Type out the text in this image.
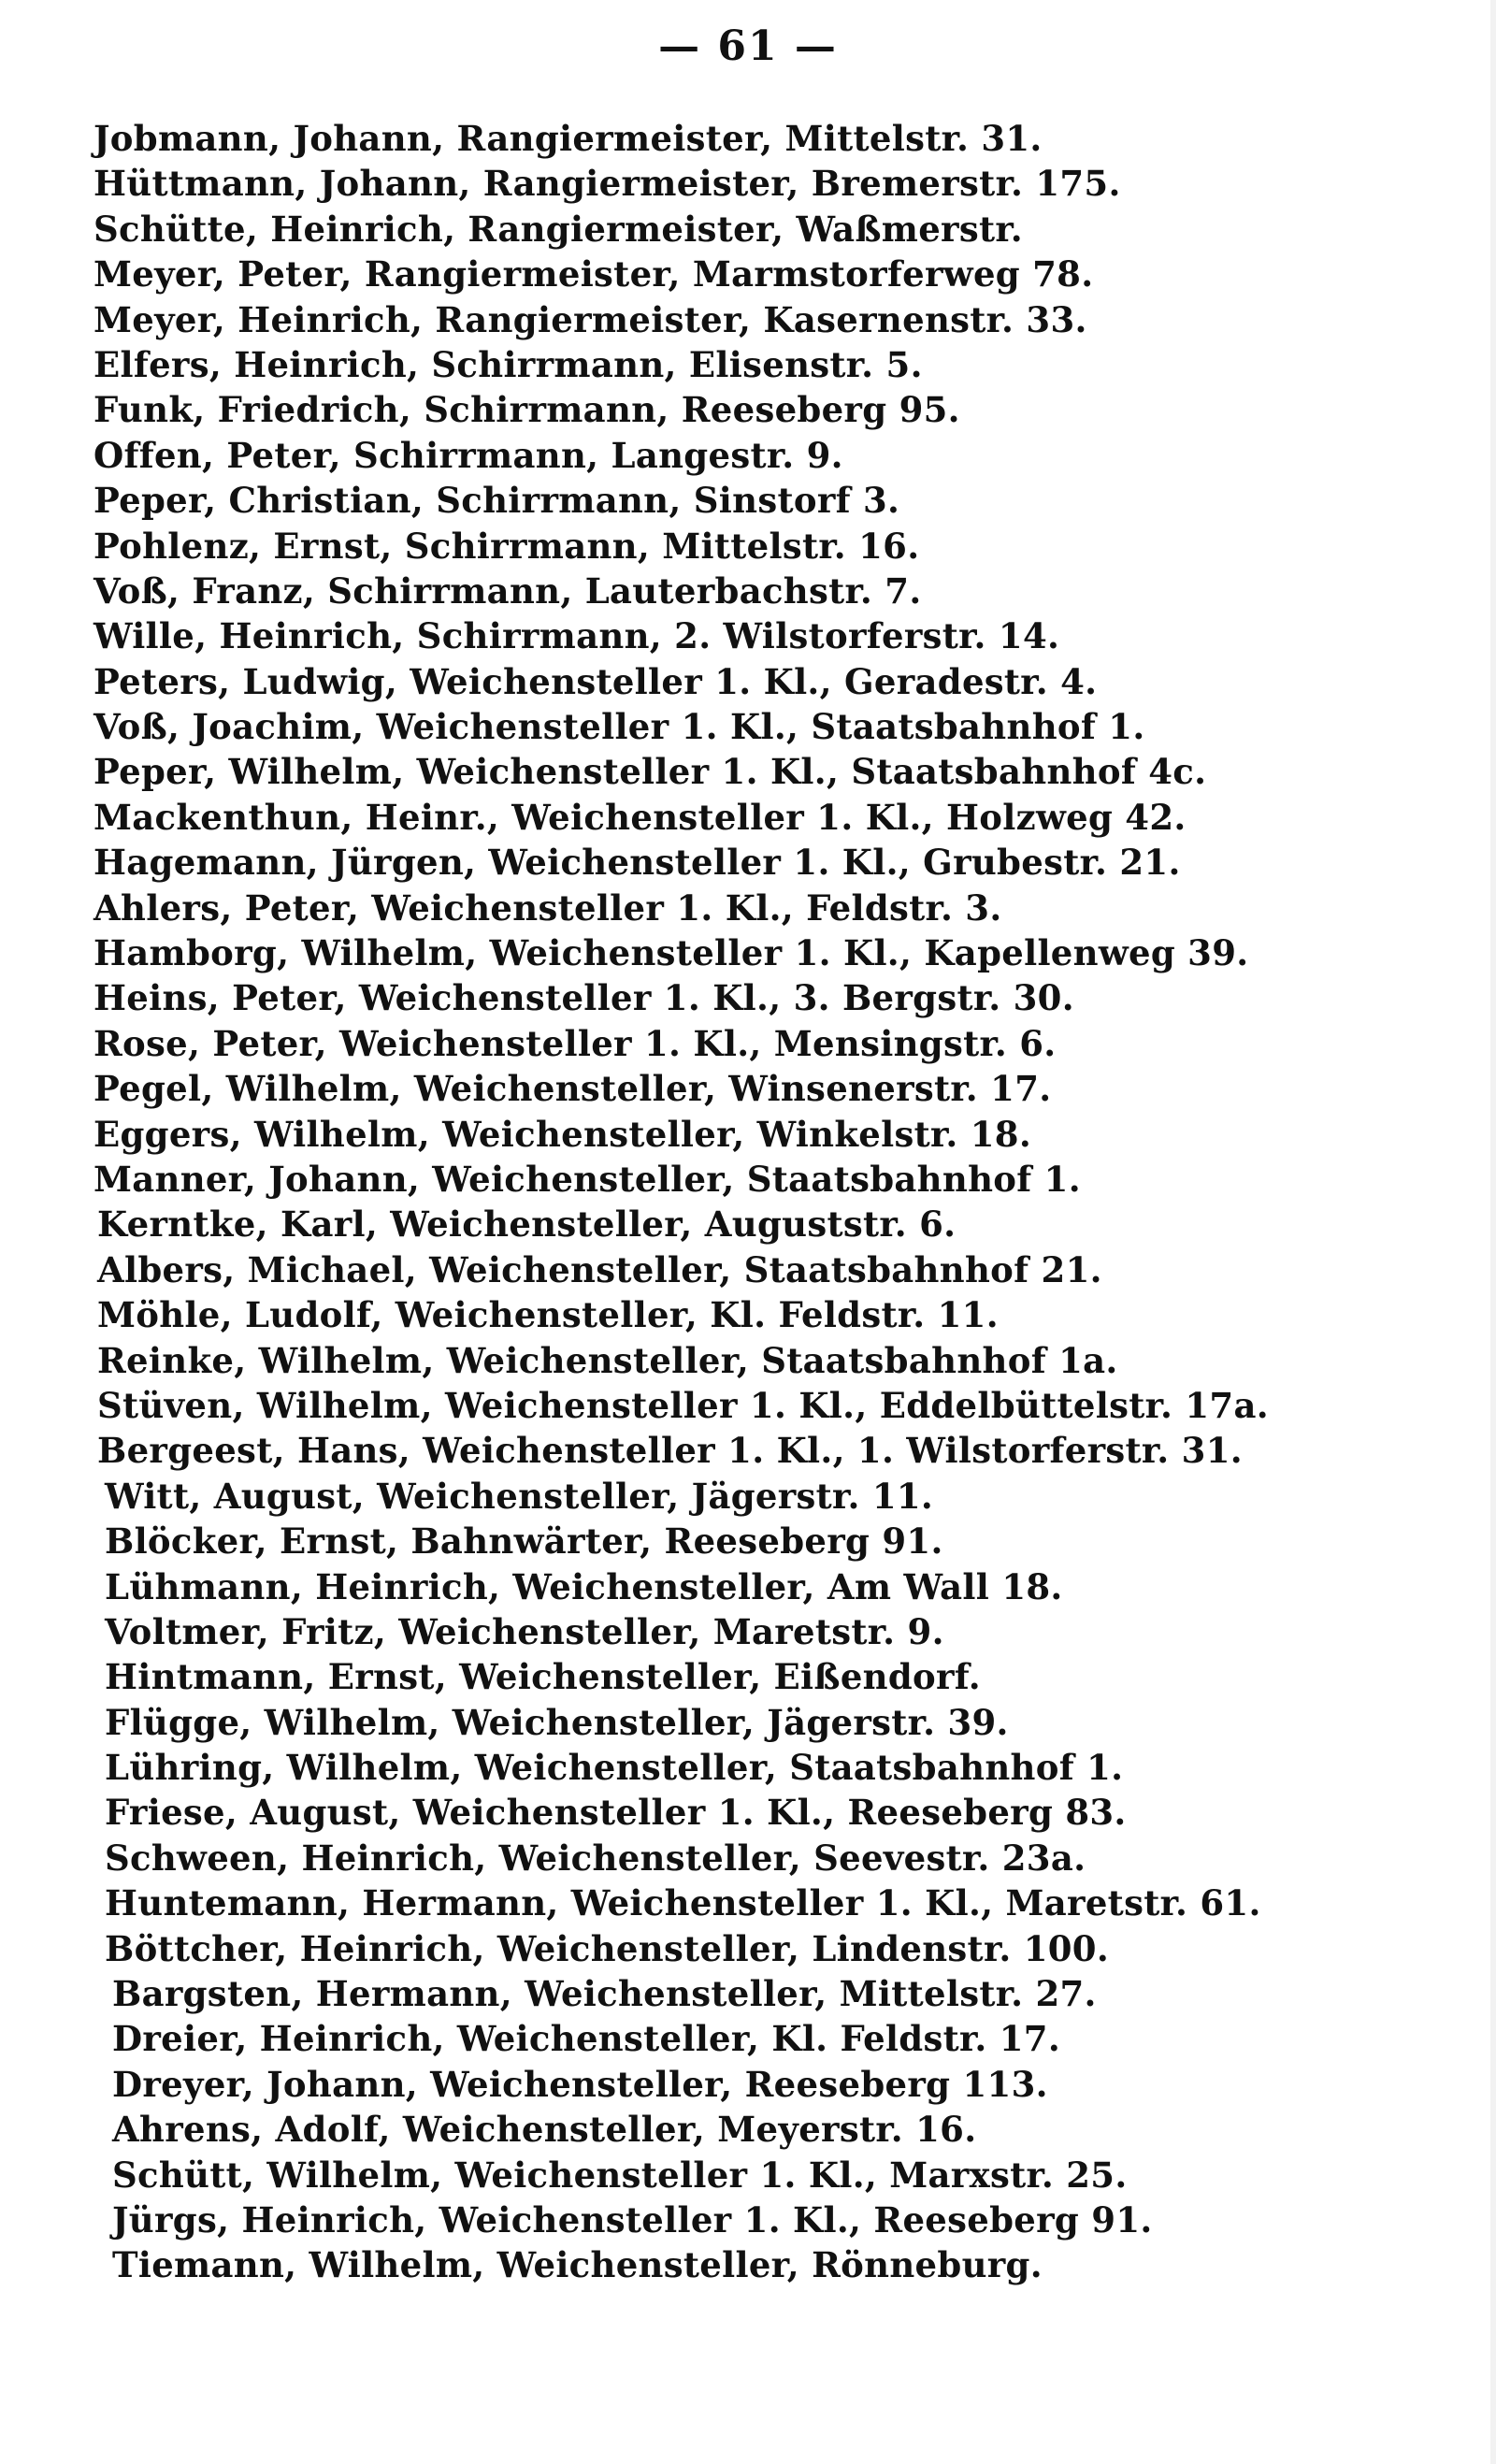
— 61 —
Jobmann, Johann, Rangiermeister, Mittelstr. 31.
Hüttmann, Johann, Rangiermeister, Bremerstr. 175.
Schütte, Heinrich, Rangiermeister, Waßmerstr.
Meyer, Peter, Rangiermeister, Marmstorferweg 78.
Meyer, Heinrich, Rangiermeister, Kasernenstr. 33.
Elfers, Heinrich, Schirrmann, Elisenstr. 5.
Funk, Friedrich, Schirrmann, Reeseberg 95.
Offen, Peter, Schirrmann, Langestr. 9.
Peper, Christian, Schirrmann, Sinstorf 3.
Pohlenz, Ernst, Schirrmann, Mittelstr. 16.
Voß, Franz, Schirrmann, Lauterbachstr. 7.
Wille, Heinrich, Schirrmann, 2. Wilstorferstr. 14.
Peters, Ludwig, Weichensteller 1. Kl., Geradestr. 4.
Voß, Joachim, Weichensteller 1. Kl., Staatsbahnhof 1.
Peper, Wilhelm, Weichensteller 1. Kl., Staatsbahnhof 4c.
Mackenthun, Heinr., Weichensteller 1. Kl., Holzweg 42.
Hagemann, Jürgen, Weichensteller 1. Kl., Grubestr. 21.
Ahlers, Peter, Weichensteller 1. Kl., Feldstr. 3.
Hamborg, Wilhelm, Weichensteller 1. Kl., Kapellenweg 39.
Heins, Peter, Weichensteller 1. Kl., 3. Bergstr. 30.
Rose, Peter, Weichensteller 1. Kl., Mensingstr. 6.
Pegel, Wilhelm, Weichensteller, Winsenerstr. 17.
Eggers, Wilhelm, Weichensteller, Winkelstr. 18.
Manner, Johann, Weichensteller, Staatsbahnhof 1.
Kerntke, Karl, Weichensteller, Auguststr. 6.
Albers, Michael, Weichensteller, Staatsbahnhof 21.
Möhle, Ludolf, Weichensteller, Kl. Feldstr. 11.
Reinke, Wilhelm, Weichensteller, Staatsbahnhof 1a.
Stüven, Wilhelm, Weichensteller 1. Kl., Eddelbüttelstr. 17a.
Bergeest, Hans, Weichensteller 1. Kl., 1. Wilstorferstr. 31.
Witt, August, Weichensteller, Jägerstr. 11.
Blöcker, Ernst, Bahnwärter, Reeseberg 91.
Lühmann, Heinrich, Weichensteller, Am Wall 18.
Voltmer, Fritz, Weichensteller, Maretstr. 9.
Hintmann, Ernst, Weichensteller, Eißendorf.
Flügge, Wilhelm, Weichensteller, Jägerstr. 39.
Lühring, Wilhelm, Weichensteller, Staatsbahnhof 1.
Friese, August, Weichensteller 1. Kl., Reeseberg 83.
Schween, Heinrich, Weichensteller, Seevestr. 23a.
Huntemann, Hermann, Weichensteller 1. Kl., Maretstr. 61.
Böttcher, Heinrich, Weichensteller, Lindenstr. 100.
Bargsten, Hermann, Weichensteller, Mittelstr. 27.
Dreier, Heinrich, Weichensteller, Kl. Feldstr. 17.
Dreyer, Johann, Weichensteller, Reeseberg 113.
Ahrens, Adolf, Weichensteller, Meyerstr. 16.
Schütt, Wilhelm, Weichensteller 1. Kl., Marxstr. 25.
Jürgs, Heinrich, Weichensteller 1. Kl., Reeseberg 91.
Tiemann, Wilhelm, Weichensteller, Rönneburg.
